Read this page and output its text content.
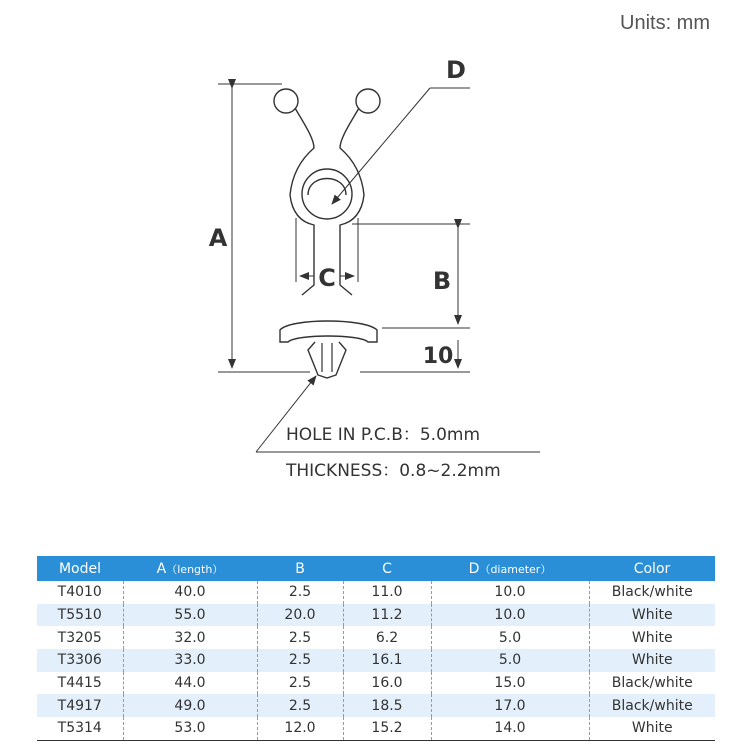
Units: mm
A
B
10
C
D
HOLE IN P.C.B：5.0mm
THICKNESS：0.8~2.2mm
Model	A（length）	B	C	D（diameter）	Color
T4010	40.0	2.5	11.0	10.0	Black/white
T5510	55.0	20.0	11.2	10.0	White
T3205	32.0	2.5	6.2	5.0	White
T3306	33.0	2.5	16.1	5.0	White
T4415	44.0	2.5	16.0	15.0	Black/white
T4917	49.0	2.5	18.5	17.0	Black/white
T5314	53.0	12.0	15.2	14.0	White
